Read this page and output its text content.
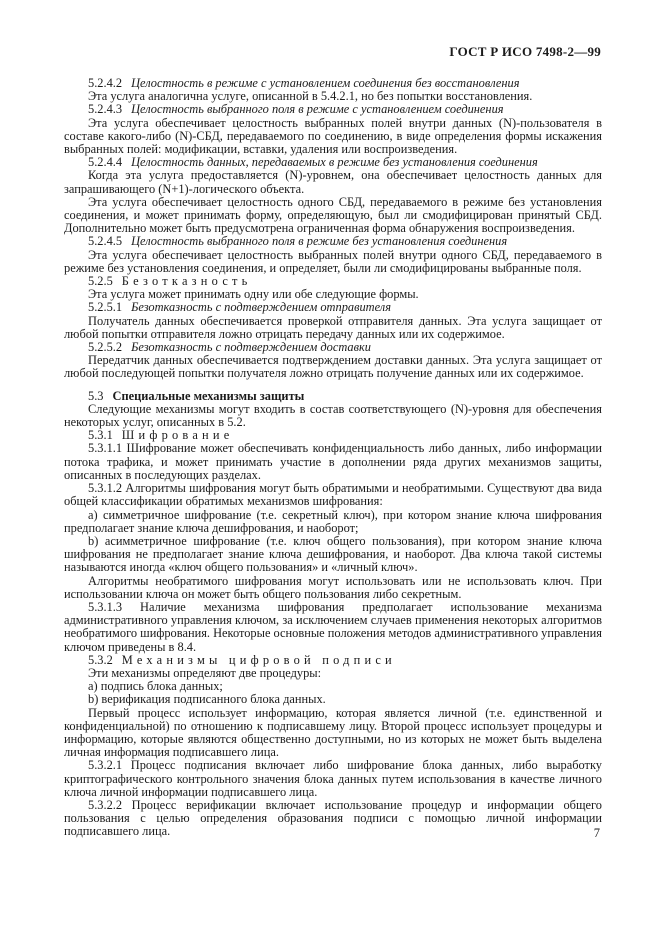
ГОСТ Р ИСО 7498-2—99

5.2.4.2 Целостность в режиме с установлением соединения без восстановления

Эта услуга аналогична услуге, описанной в 5.4.2.1, но без попытки восстановления.

5.2.4.3 Целостность выбранного поля в режиме с установлением соединения

Эта услуга обеспечивает целостность выбранных полей внутри данных (N)-пользователя в составе какого-либо (N)-СБД, передаваемого по соединению, в виде определения формы искажения выбранных полей: модификации, вставки, удаления или воспроизведения.

5.2.4.4 Целостность данных, передаваемых в режиме без установления соединения

Когда эта услуга предоставляется (N)-уровнем, она обеспечивает целостность данных для запрашивающего (N+1)-логического объекта.

Эта услуга обеспечивает целостность одного СБД, передаваемого в режиме без установления соединения, и может принимать форму, определяющую, был ли смодифицирован принятый СБД. Дополнительно может быть предусмотрена ограниченная форма обнаружения воспроизведения.

5.2.4.5 Целостность выбранного поля в режиме без установления соединения

Эта услуга обеспечивает целостность выбранных полей внутри одного СБД, передаваемого в режиме без установления соединения, и определяет, были ли смодифицированы выбранные поля.

5.2.5 Безотказность

Эта услуга может принимать одну или обе следующие формы.

5.2.5.1 Безотказность с подтверждением отправителя

Получатель данных обеспечивается проверкой отправителя данных. Эта услуга защищает от любой попытки отправителя ложно отрицать передачу данных или их содержимое.

5.2.5.2 Безотказность с подтверждением доставки

Передатчик данных обеспечивается подтверждением доставки данных. Эта услуга защищает от любой последующей попытки получателя ложно отрицать получение данных или их содержимое.

5.3 Специальные механизмы защиты

Следующие механизмы могут входить в состав соответствующего (N)-уровня для обеспечения некоторых услуг, описанных в 5.2.

5.3.1 Шифрование

5.3.1.1 Шифрование может обеспечивать конфиденциальность либо данных, либо информации потока трафика, и может принимать участие в дополнении ряда других механизмов защиты, описанных в последующих разделах.

5.3.1.2 Алгоритмы шифрования могут быть обратимыми и необратимыми. Существуют два вида общей классификации обратимых механизмов шифрования:

a) симметричное шифрование (т.е. секретный ключ), при котором знание ключа шифрования предполагает знание ключа дешифрования, и наоборот;

b) асимметричное шифрование (т.е. ключ общего пользования), при котором знание ключа шифрования не предполагает знание ключа дешифрования, и наоборот. Два ключа такой системы называются иногда «ключ общего пользования» и «личный ключ».

Алгоритмы необратимого шифрования могут использовать или не использовать ключ. При использовании ключа он может быть общего пользования либо секретным.

5.3.1.3 Наличие механизма шифрования предполагает использование механизма административного управления ключом, за исключением случаев применения некоторых алгоритмов необратимого шифрования. Некоторые основные положения методов административного управления ключом приведены в 8.4.

5.3.2 Механизмы цифровой подписи

Эти механизмы определяют две процедуры:

a) подпись блока данных;

b) верификация подписанного блока данных.

Первый процесс использует информацию, которая является личной (т.е. единственной и конфиденциальной) по отношению к подписавшему лицу. Второй процесс использует процедуры и информацию, которые являются общественно доступными, но из которых не может быть выделена личная информация подписавшего лица.

5.3.2.1 Процесс подписания включает либо шифрование блока данных, либо выработку криптографического контрольного значения блока данных путем использования в качестве личного ключа личной информации подписавшего лица.

5.3.2.2 Процесс верификации включает использование процедур и информации общего пользования с целью определения образования подписи с помощью личной информации подписавшего лица.	7
